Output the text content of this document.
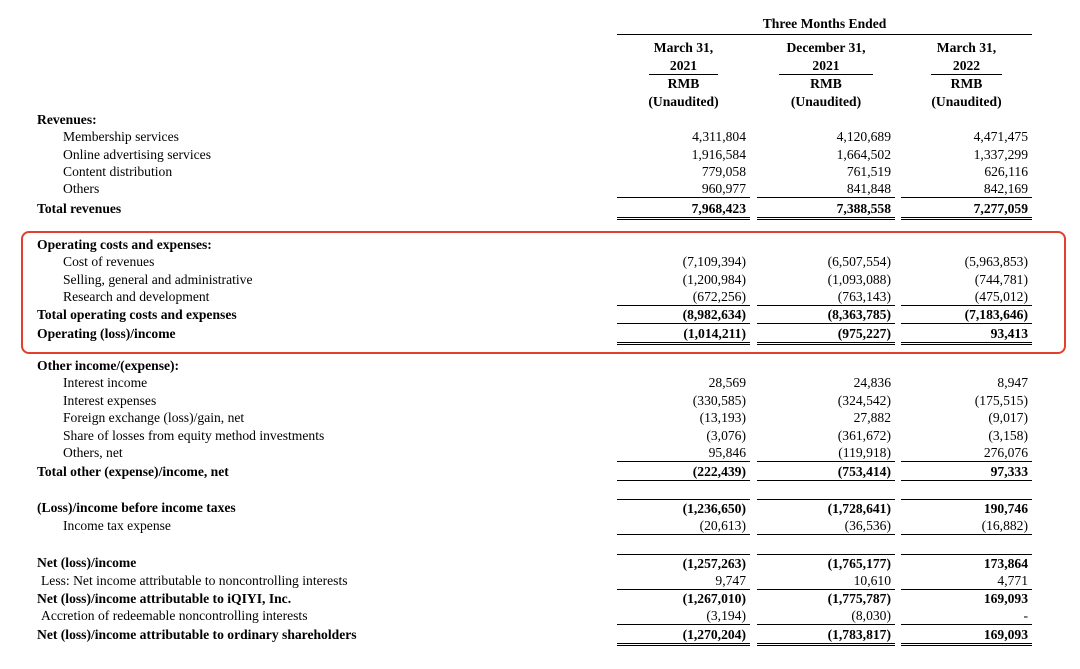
Three Months Ended
March 31,
2021
RMB
(Unaudited)
December 31,
2021
RMB
(Unaudited)
March 31,
2022
RMB
(Unaudited)
Revenues:
Membership services	4,311,804	4,120,689	4,471,475
Online advertising services	1,916,584	1,664,502	1,337,299
Content distribution	779,058	761,519	626,116
Others	960,977	841,848	842,169
Total revenues	7,968,423	7,388,558	7,277,059
Operating costs and expenses:
Cost of revenues	(7,109,394)	(6,507,554)	(5,963,853)
Selling, general and administrative	(1,200,984)	(1,093,088)	(744,781)
Research and development	(672,256)	(763,143)	(475,012)
Total operating costs and expenses	(8,982,634)	(8,363,785)	(7,183,646)
Operating (loss)/income	(1,014,211)	(975,227)	93,413
Other income/(expense):
Interest income	28,569	24,836	8,947
Interest expenses	(330,585)	(324,542)	(175,515)
Foreign exchange (loss)/gain, net	(13,193)	27,882	(9,017)
Share of losses from equity method investments	(3,076)	(361,672)	(3,158)
Others, net	95,846	(119,918)	276,076
Total other (expense)/income, net	(222,439)	(753,414)	97,333
(Loss)/income before income taxes	(1,236,650)	(1,728,641)	190,746
Income tax expense	(20,613)	(36,536)	(16,882)
Net (loss)/income	(1,257,263)	(1,765,177)	173,864
Less: Net income attributable to noncontrolling interests	9,747	10,610	4,771
Net (loss)/income attributable to iQIYI, Inc.	(1,267,010)	(1,775,787)	169,093
Accretion of redeemable noncontrolling interests	(3,194)	(8,030)	-
Net (loss)/income attributable to ordinary shareholders	(1,270,204)	(1,783,817)	169,093
